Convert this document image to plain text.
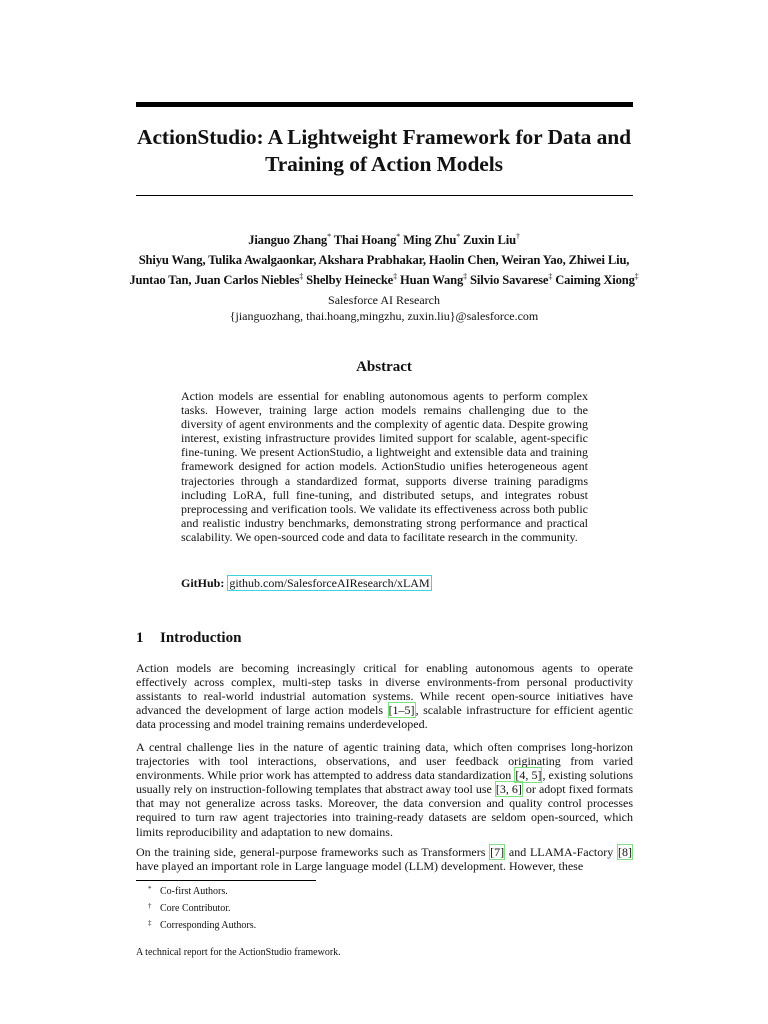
ActionStudio: A Lightweight Framework for Data and Training of Action Models
Jianguo Zhang* Thai Hoang* Ming Zhu* Zuxin Liu†
Shiyu Wang, Tulika Awalgaonkar, Akshara Prabhakar, Haolin Chen, Weiran Yao, Zhiwei Liu,
Juntao Tan, Juan Carlos Niebles‡ Shelby Heinecke‡ Huan Wang‡ Silvio Savarese‡ Caiming Xiong‡
Salesforce AI Research
{jianguozhang, thai.hoang,mingzhu, zuxin.liu}@salesforce.com
Abstract
Action models are essential for enabling autonomous agents to perform complex tasks. However, training large action models remains challenging due to the diversity of agent environments and the complexity of agentic data. Despite growing interest, existing infrastructure provides limited support for scalable, agent-specific fine-tuning. We present ActionStudio, a lightweight and extensible data and training framework designed for action models. ActionStudio unifies heterogeneous agent trajectories through a standardized format, supports diverse training paradigms including LoRA, full fine-tuning, and distributed setups, and integrates robust preprocessing and verification tools. We validate its effectiveness across both public and realistic industry benchmarks, demonstrating strong performance and practical scalability. We open-sourced code and data to facilitate research in the community.
GitHub: github.com/SalesforceAIResearch/xLAM
1 Introduction

Action models are becoming increasingly critical for enabling autonomous agents to operate effectively across complex, multi-step tasks in diverse environments-from personal productivity assistants to real-world industrial automation systems. While recent open-source initiatives have advanced the development of large action models [1–5], scalable infrastructure for efficient agentic data processing and model training remains underdeveloped.

A central challenge lies in the nature of agentic training data, which often comprises long-horizon trajectories with tool interactions, observations, and user feedback originating from varied environments. While prior work has attempted to address data standardization [4, 5], existing solutions usually rely on instruction-following templates that abstract away tool use [3, 6] or adopt fixed formats that may not generalize across tasks. Moreover, the data conversion and quality control processes required to turn raw agent trajectories into training-ready datasets are seldom open-sourced, which limits reproducibility and adaptation to new domains.

On the training side, general-purpose frameworks such as Transformers [7] and LLAMA-Factory [8] have played an important role in Large language model (LLM) development. However, these

* Co-first Authors.
† Core Contributor.
‡ Corresponding Authors.
A technical report for the ActionStudio framework.
